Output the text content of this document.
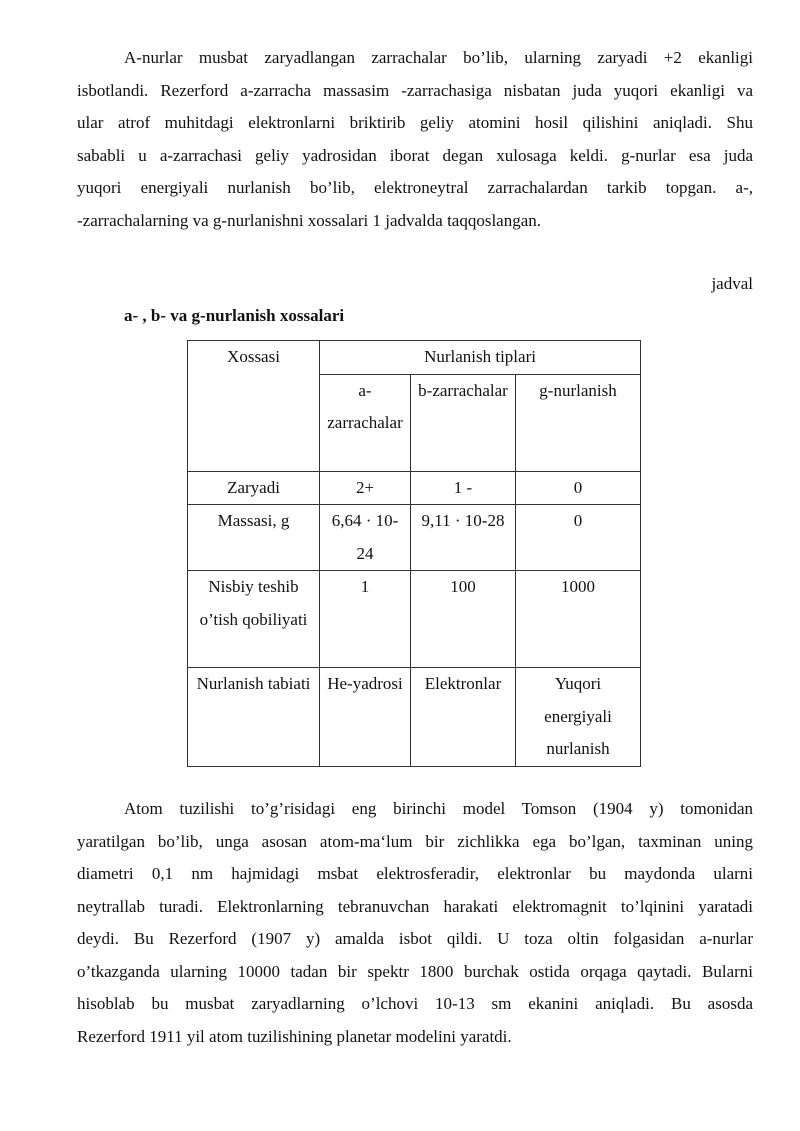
A-nurlar musbat zaryadlangan zarrachalar bo’lib, ularning zaryadi +2 ekanligi
isbotlandi. Rezerford a-zarracha massasim -zarrachasiga nisbatan juda yuqori ekanligi va
ular atrof muhitdagi elektronlarni briktirib geliy atomini hosil qilishini aniqladi. Shu
sababli u a-zarrachasi geliy yadrosidan iborat degan xulosaga keldi. g-nurlar esa juda
yuqori energiyali nurlanish bo’lib, elektroneytral zarrachalardan tarkib topgan. a-,
-zarrachalarning va g-nurlanishni xossalari 1 jadvalda taqqoslangan.

jadval

a- , b- va g-nurlanish xossalari

Xossasi	Nurlanish tiplari		
	a-zarrachalar	b-zarrachalar	g-nurlanish
Zaryadi	2+	1 -	0
Massasi, g	6,64 · 10-24	9,11 · 10-28	0
Nisbiy teshib o’tish qobiliyati	1	100	1000
Nurlanish tabiati	He-yadrosi	Elektronlar	Yuqori energiyali nurlanish

Atom tuzilishi to’g’risidagi eng birinchi model Tomson (1904 y) tomonidan
yaratilgan bo’lib, unga asosan atom-ma‘lum bir zichlikka ega bo’lgan, taxminan uning
diametri 0,1 nm hajmidagi msbat elektrosferadir, elektronlar bu maydonda ularni
neytrallab turadi. Elektronlarning tebranuvchan harakati elektromagnit to’lqinini yaratadi
deydi. Bu Rezerford (1907 y) amalda isbot qildi. U toza oltin folgasidan a-nurlar
o’tkazganda ularning 10000 tadan bir spektr 1800 burchak ostida orqaga qaytadi. Bularni
hisoblab bu musbat zaryadlarning o’lchovi 10-13 sm ekanini aniqladi. Bu asosda
Rezerford 1911 yil atom tuzilishining planetar modelini yaratdi.
